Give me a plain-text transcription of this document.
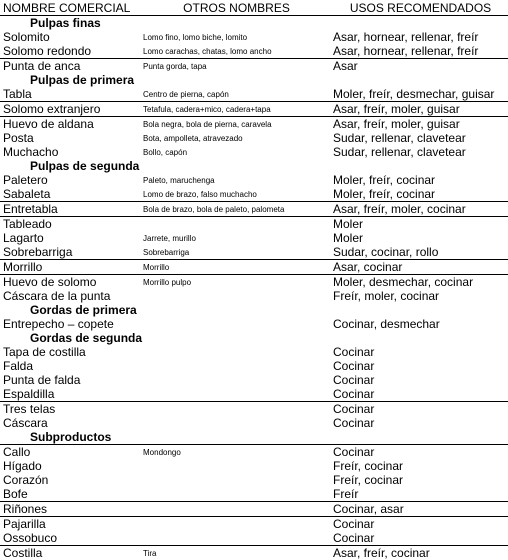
NOMBRE COMERCIAL	OTROS NOMBRES	USOS RECOMENDADOS
Pulpas finas		
Solomito	Lomo fino, lomo biche, lomito	Asar, hornear, rellenar, freír
Solomo redondo	Lomo carachas, chatas, lomo ancho	Asar, hornear, rellenar, freír
Punta de anca	Punta gorda, tapa	Asar
Pulpas de primera		
Tabla	Centro de pierna, capón	Moler, freír, desmechar, guisar
Solomo extranjero	Tetafula, cadera+mico, cadera+tapa	Asar, freír, moler, guisar
Huevo de aldana	Bola negra, bola de pierna, caravela	Asar, freír, moler, guisar
Posta	Bota, ampolleta, atravezado	Sudar, rellenar, clavetear
Muchacho	Bollo, capón	Sudar, rellenar, clavetear
Pulpas de segunda		
Paletero	Paleto, maruchenga	Moler, freír, cocinar
Sabaleta	Lomo de brazo, falso muchacho	Moler, freír, cocinar
Entretabla	Bola de brazo, bola de paleto, palometa	Asar, freír, moler, cocinar
Tableado		Moler
Lagarto	Jarrete, murillo	Moler
Sobrebarriga	Sobrebarriga	Sudar, cocinar, rollo
Morrillo	Morrillo	Asar, cocinar
Huevo de solomo	Morrillo pulpo	Moler, desmechar, cocinar
Cáscara de la punta		Freír, moler, cocinar
Gordas de primera		
Entrepecho – copete		Cocinar, desmechar
Gordas de segunda		
Tapa de costilla		Cocinar
Falda		Cocinar
Punta de falda		Cocinar
Espaldilla		Cocinar
Tres telas		Cocinar
Cáscara		Cocinar
Subproductos		
Callo	Mondongo	Cocinar
Hígado		Freír, cocinar
Corazón		Freír, cocinar
Bofe		Freír
Riñones		Cocinar, asar
Pajarilla		Cocinar
Ossobuco		Cocinar
Costilla	Tira	Asar, freír, cocinar
